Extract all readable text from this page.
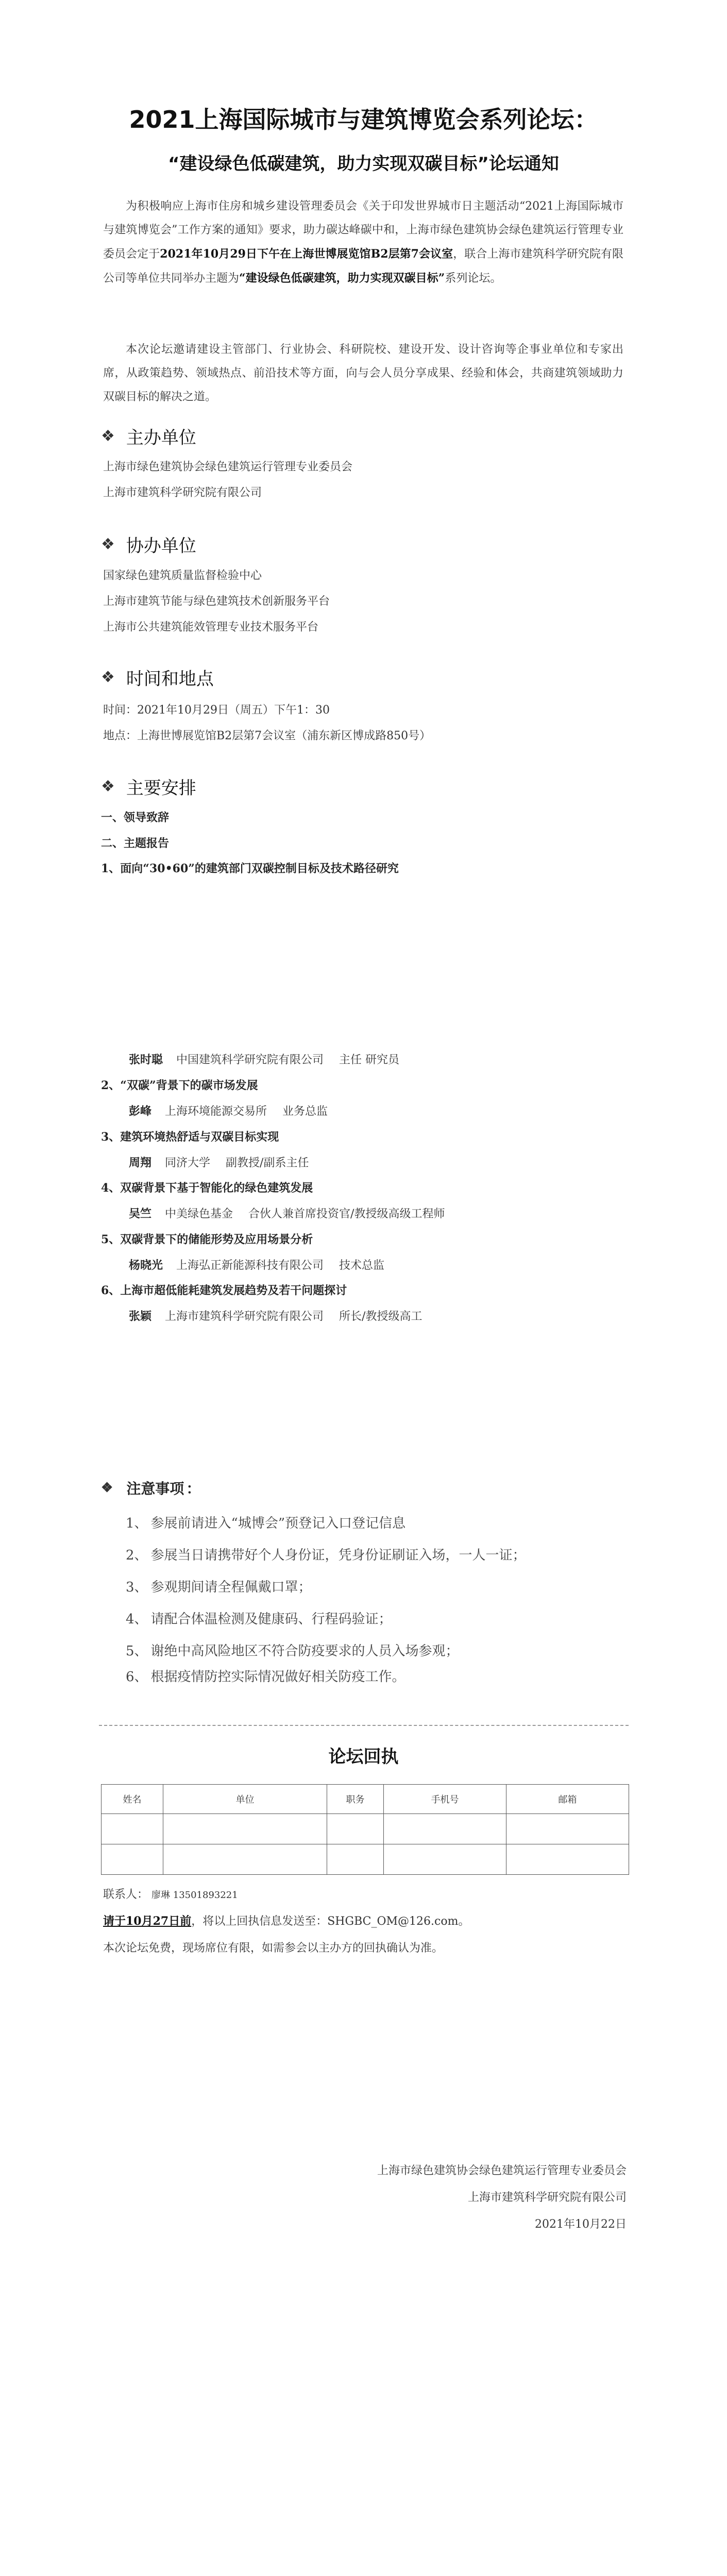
2021上海国际城市与建筑博览会系列论坛：
“建设绿色低碳建筑，助力实现双碳目标”论坛通知

为积极响应上海市住房和城乡建设管理委员会《关于印发世界城市日主题活动“2021上海国际城市与建筑博览会”工作方案的通知》要求，助力碳达峰碳中和，上海市绿色建筑协会绿色建筑运行管理专业委员会定于2021年10月29日下午在上海世博展览馆B2层第7会议室，联合上海市建筑科学研究院有限公司等单位共同举办主题为“建设绿色低碳建筑，助力实现双碳目标”系列论坛。

本次论坛邀请建设主管部门、行业协会、科研院校、建设开发、设计咨询等企事业单位和专家出席，从政策趋势、领域热点、前沿技术等方面，向与会人员分享成果、经验和体会，共商建筑领域助力双碳目标的解决之道。

❖ 主办单位

上海市绿色建筑协会绿色建筑运行管理专业委员会

上海市建筑科学研究院有限公司

❖ 协办单位

国家绿色建筑质量监督检验中心

上海市建筑节能与绿色建筑技术创新服务平台

上海市公共建筑能效管理专业技术服务平台

❖ 时间和地点

时间：2021年10月29日（周五）下午1：30

地点：上海世博展览馆B2层第7会议室（浦东新区博成路850号）

❖ 主要安排

一、领导致辞

二、主题报告

1、面向“30•60”的建筑部门双碳控制目标及技术路径研究

张时聪 中国建筑科学研究院有限公司 主任 研究员

2、“双碳”背景下的碳市场发展

彭峰 上海环境能源交易所 业务总监

3、建筑环境热舒适与双碳目标实现

周翔 同济大学 副教授/副系主任

4、双碳背景下基于智能化的绿色建筑发展

吴竺 中美绿色基金 合伙人兼首席投资官/教授级高级工程师

5、双碳背景下的储能形势及应用场景分析

杨晓光 上海弘正新能源科技有限公司 技术总监

6、上海市超低能耗建筑发展趋势及若干问题探讨

张颖 上海市建筑科学研究院有限公司 所长/教授级高工

❖ 注意事项 ：

1、 参展前请进入“城博会”预登记入口登记信息

2、 参展当日请携带好个人身份证，凭身份证刷证入场，一人一证；

3、 参观期间请全程佩戴口罩；

4、 请配合体温检测及健康码、行程码验证；

5、 谢绝中高风险地区不符合防疫要求的人员入场参观；

6、 根据疫情防控实际情况做好相关防疫工作。

论坛回执
姓名	单位	职务	手机号	邮箱

联系人： 廖琳 13501893221

请于10月27日前，将以上回执信息发送至：SHGBC_OM@126.com。

本次论坛免费，现场席位有限，如需参会以主办方的回执确认为准。

上海市绿色建筑协会绿色建筑运行管理专业委员会

上海市建筑科学研究院有限公司

2021年10月22日
